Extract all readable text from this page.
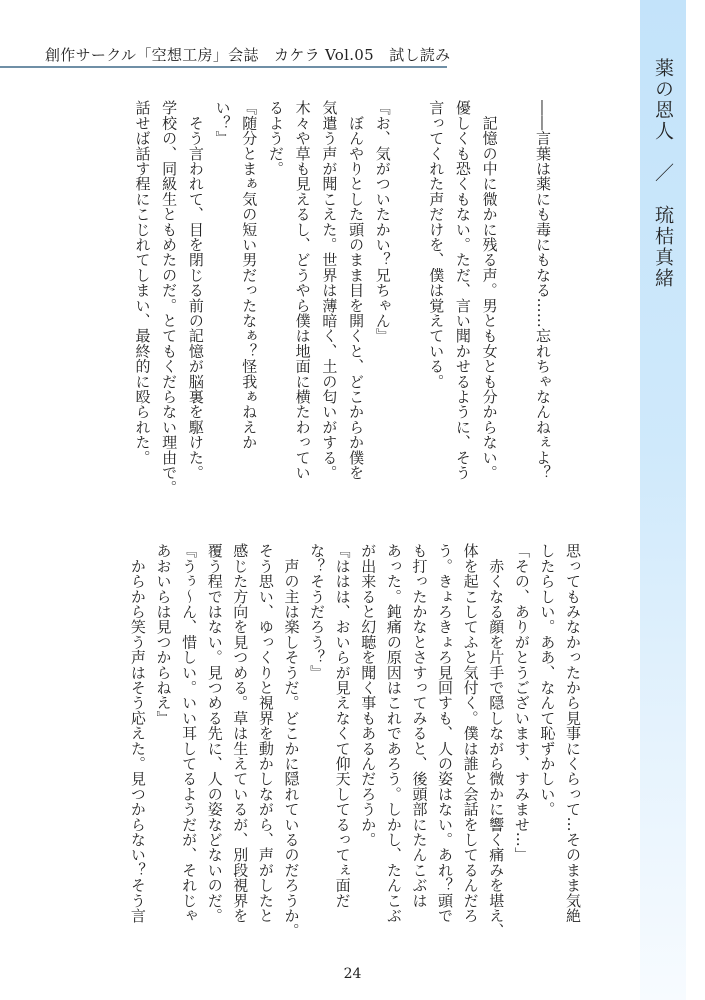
創作サークル「空想工房」会誌　カケラ Vol.05　試し読み
薬の恩人　／　琉桔真緒
――言葉は薬にも毒にもなる……忘れちゃなんねぇよ？
　記憶の中に微かに残る声。男とも女とも分からない。
優しくも恐くもない。ただ、言い聞かせるように、そう
言ってくれた声だけを、僕は覚えている。
『お、気がついたかい？兄ちゃん』
　ぼんやりとした頭のまま目を開くと、どこからか僕を
気遣う声が聞こえた。世界は薄暗く、土の匂いがする。
木々や草も見えるし、どうやら僕は地面に横たわってい
るようだ。
『随分とまぁ気の短い男だったなぁ？怪我ぁねえか
い？』
　そう言われて、目を閉じる前の記憶が脳裏を駆けた。
学校の、同級生ともめたのだ。とてもくだらない理由で。
話せば話す程にこじれてしまい、最終的に殴られた。
思ってもみなかったから見事にくらって…そのまま気絶
したらしい。ああ、なんて恥ずかしい。
「その、ありがとうございます、すみませ…」
　赤くなる顔を片手で隠しながら微かに響く痛みを堪え、
体を起こしてふと気付く。僕は誰と会話をしてるんだろ
う。きょろきょろ見回すも、人の姿はない。あれ？頭で
も打ったかなとさすってみると、後頭部にたんこぶは
あった。鈍痛の原因はこれであろう。しかし、たんこぶ
が出来ると幻聴を聞く事もあるんだろうか。
『ははは、おいらが見えなくて仰天してるってぇ面だ
な？そうだろう？』
　声の主は楽しそうだ。どこかに隠れているのだろうか。
そう思い、ゆっくりと視界を動かしながら、声がしたと
感じた方向を見つめる。草は生えているが、別段視界を
覆う程ではない。見つめる先に、人の姿などないのだ。
『うぅ～ん、惜しい。いい耳してるようだが、それじゃ
あおいらは見つからねえ』
　からから笑う声はそう応えた。見つからない？そう言
24
